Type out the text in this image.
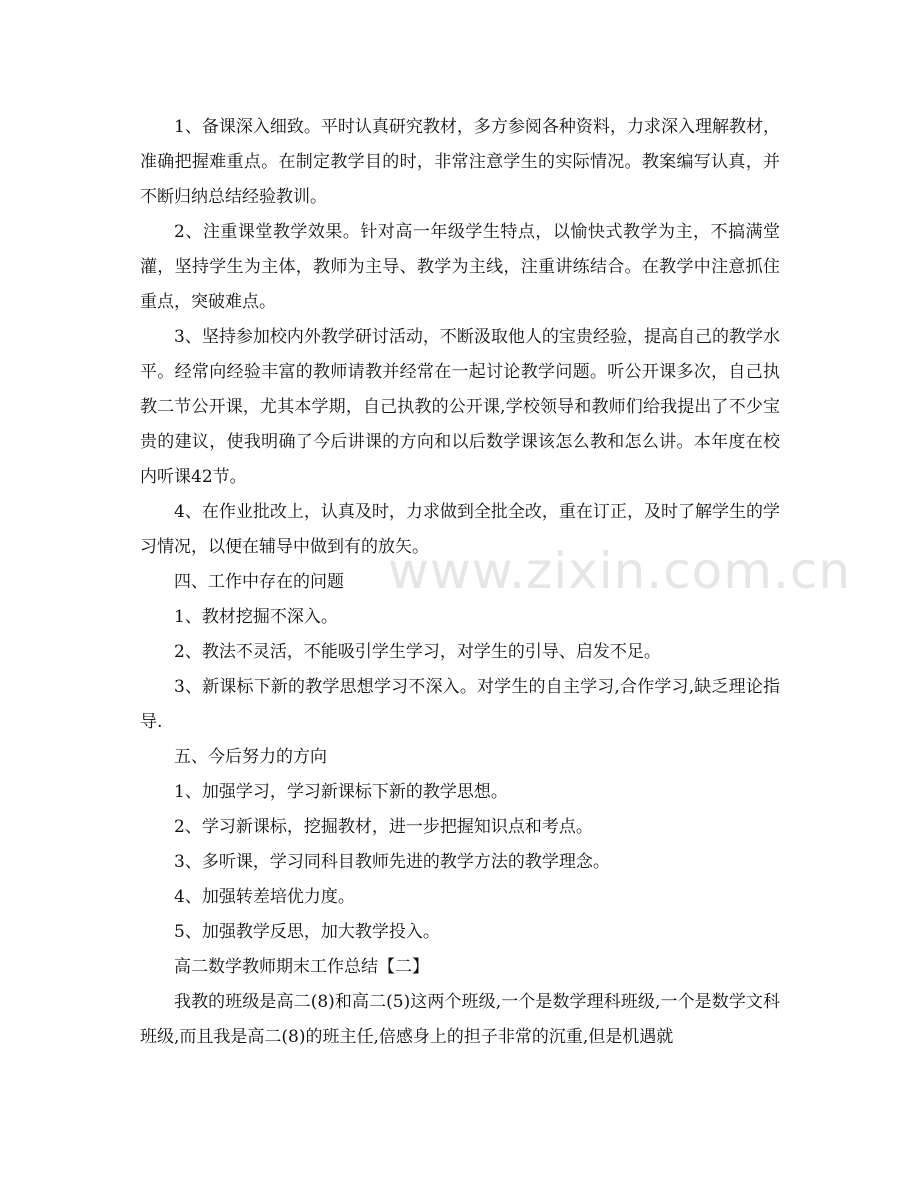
www.zixin.com.cn

1、备课深入细致。平时认真研究教材，多方参阅各种资料，力求深入理解教材，准确把握难重点。在制定教学目的时，非常注意学生的实际情况。教案编写认真，并不断归纳总结经验教训。

2、注重课堂教学效果。针对高一年级学生特点，以愉快式教学为主，不搞满堂灌，坚持学生为主体，教师为主导、教学为主线，注重讲练结合。在教学中注意抓住重点，突破难点。

3、坚持参加校内外教学研讨活动，不断汲取他人的宝贵经验，提高自己的教学水平。经常向经验丰富的教师请教并经常在一起讨论教学问题。听公开课多次，自己执教二节公开课，尤其本学期，自己执教的公开课,学校领导和教师们给我提出了不少宝贵的建议，使我明确了今后讲课的方向和以后数学课该怎么教和怎么讲。本年度在校内听课42节。

4、在作业批改上，认真及时，力求做到全批全改，重在订正，及时了解学生的学习情况，以便在辅导中做到有的放矢。

四、工作中存在的问题

1、教材挖掘不深入。

2、教法不灵活，不能吸引学生学习，对学生的引导、启发不足。

3、新课标下新的教学思想学习不深入。对学生的自主学习,合作学习,缺乏理论指导.

五、今后努力的方向

1、加强学习，学习新课标下新的教学思想。

2、学习新课标，挖掘教材，进一步把握知识点和考点。

3、多听课，学习同科目教师先进的教学方法的教学理念。

4、加强转差培优力度。

5、加强教学反思，加大教学投入。

高二数学教师期末工作总结【二】

我教的班级是高二(8)和高二(5)这两个班级,一个是数学理科班级,一个是数学文科班级,而且我是高二(8)的班主任,倍感身上的担子非常的沉重,但是机遇就
